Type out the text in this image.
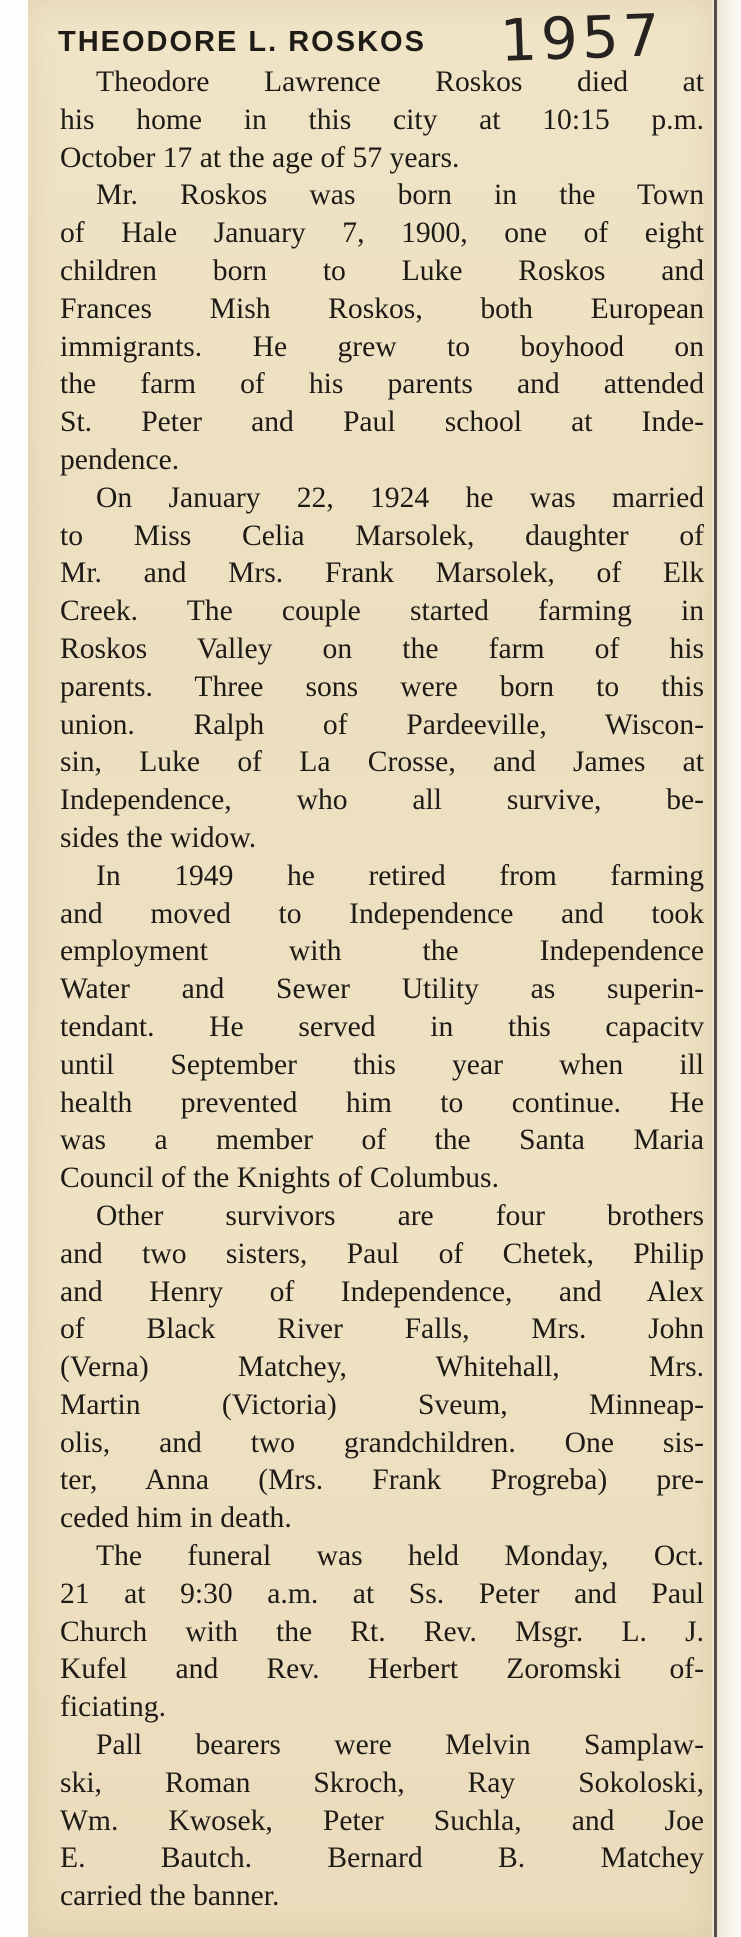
THEODORE L. ROSKOS 1957
Theodore Lawrence Roskos died at
his home in this city at 10:15 p.m.
October 17 at the age of 57 years.
Mr. Roskos was born in the Town
of Hale January 7, 1900, one of eight
children born to Luke Roskos and
Frances Mish Roskos, both European
immigrants. He grew to boyhood on
the farm of his parents and attended
St. Peter and Paul school at Inde-
pendence.
On January 22, 1924 he was married
to Miss Celia Marsolek, daughter of
Mr. and Mrs. Frank Marsolek, of Elk
Creek. The couple started farming in
Roskos Valley on the farm of his
parents. Three sons were born to this
union. Ralph of Pardeeville, Wiscon-
sin, Luke of La Crosse, and James at
Independence, who all survive, be-
sides the widow.
In 1949 he retired from farming
and moved to Independence and took
employment with the Independence
Water and Sewer Utility as superin-
tendant. He served in this capacitv
until September this year when ill
health prevented him to continue. He
was a member of the Santa Maria
Council of the Knights of Columbus.
Other survivors are four brothers
and two sisters, Paul of Chetek, Philip
and Henry of Independence, and Alex
of Black River Falls, Mrs. John
(Verna) Matchey, Whitehall, Mrs.
Martin (Victoria) Sveum, Minneap-
olis, and two grandchildren. One sis-
ter, Anna (Mrs. Frank Progreba) pre-
ceded him in death.
The funeral was held Monday, Oct.
21 at 9:30 a.m. at Ss. Peter and Paul
Church with the Rt. Rev. Msgr. L. J.
Kufel and Rev. Herbert Zoromski of-
ficiating.
Pall bearers were Melvin Samplaw-
ski, Roman Skroch, Ray Sokoloski,
Wm. Kwosek, Peter Suchla, and Joe
E. Bautch. Bernard B. Matchey
carried the banner.
